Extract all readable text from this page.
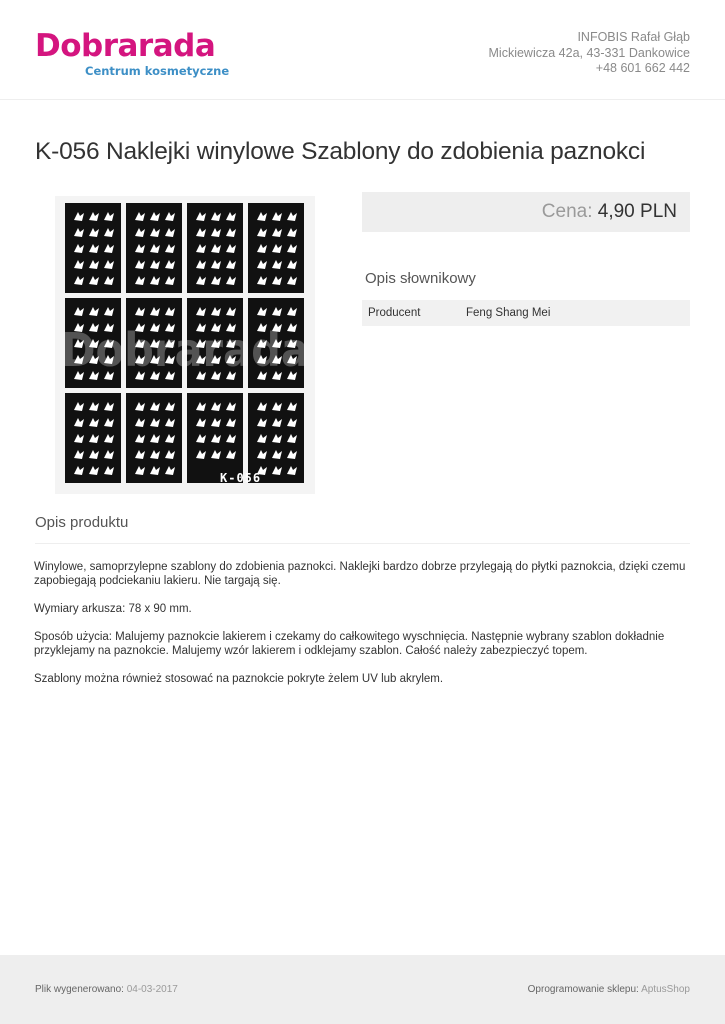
Dobrarada
Centrum kosmetyczne
INFOBIS Rafał Głąb
Mickiewicza 42a, 43-331 Dankowice
+48 601 662 442
K-056 Naklejki winylowe Szablony do zdobienia paznokci
K-056
Dobrarada
Cena: 4,90 PLN
Opis słownikowy
Producent	Feng Shang Mei
Opis produktu

Winylowe, samoprzylepne szablony do zdobienia paznokci. Naklejki bardzo dobrze przylegają do płytki paznokcia, dzięki czemu zapobiegają podciekaniu lakieru. Nie targają się.

Wymiary arkusza: 78 x 90 mm.

Sposób użycia: Malujemy paznokcie lakierem i czekamy do całkowitego wyschnięcia. Następnie wybrany szablon dokładnie przyklejamy na paznokcie. Malujemy wzór lakierem i odklejamy szablon. Całość należy zabezpieczyć topem.

Szablony można również stosować na paznokcie pokryte żelem UV lub akrylem.

Plik wygenerowano: 04-03-2017	Oprogramowanie sklepu: AptusShop
